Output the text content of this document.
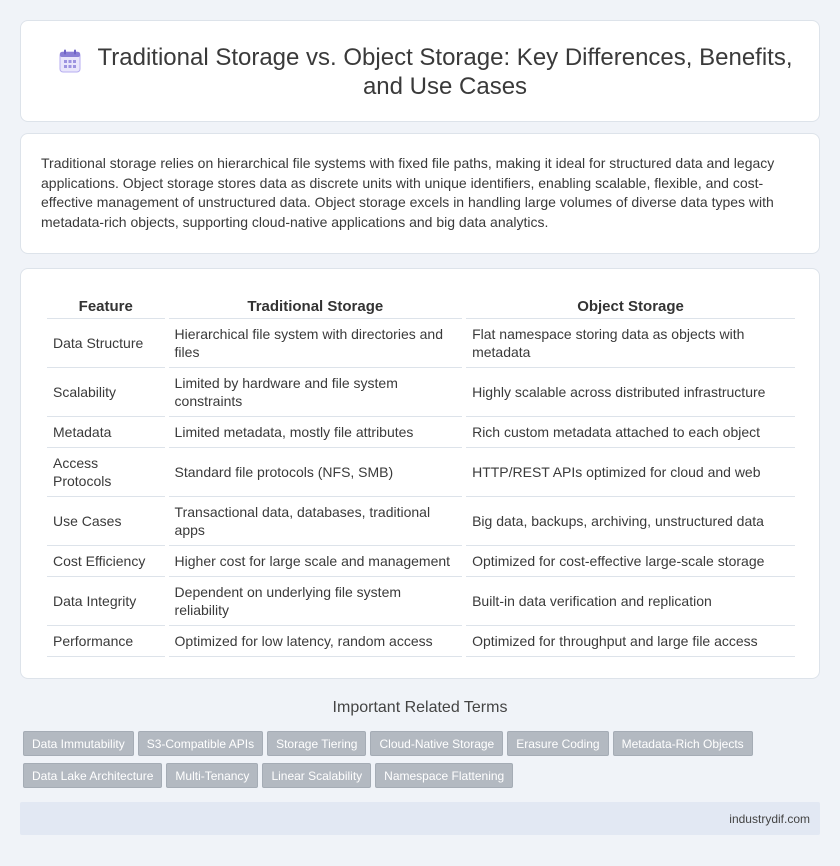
Traditional Storage vs. Object Storage: Key Differences, Benefits, and Use Cases

Traditional storage relies on hierarchical file systems with fixed file paths, making it ideal for structured data and legacy applications. Object storage stores data as discrete units with unique identifiers, enabling scalable, flexible, and cost-effective management of unstructured data. Object storage excels in handling large volumes of diverse data types with metadata-rich objects, supporting cloud-native applications and big data analytics.

Feature	Traditional Storage	Object Storage
Data Structure	Hierarchical file system with directories and files	Flat namespace storing data as objects with metadata
Scalability	Limited by hardware and file system constraints	Highly scalable across distributed infrastructure
Metadata	Limited metadata, mostly file attributes	Rich custom metadata attached to each object
Access Protocols	Standard file protocols (NFS, SMB)	HTTP/REST APIs optimized for cloud and web
Use Cases	Transactional data, databases, traditional apps	Big data, backups, archiving, unstructured data
Cost Efficiency	Higher cost for large scale and management	Optimized for cost-effective large-scale storage
Data Integrity	Dependent on underlying file system reliability	Built-in data verification and replication
Performance	Optimized for low latency, random access	Optimized for throughput and large file access
Important Related Terms
Data Immutability S3-Compatible APIs Storage Tiering Cloud-Native Storage Erasure Coding Metadata-Rich Objects
Data Lake Architecture Multi-Tenancy Linear Scalability Namespace Flattening
industrydif.com
